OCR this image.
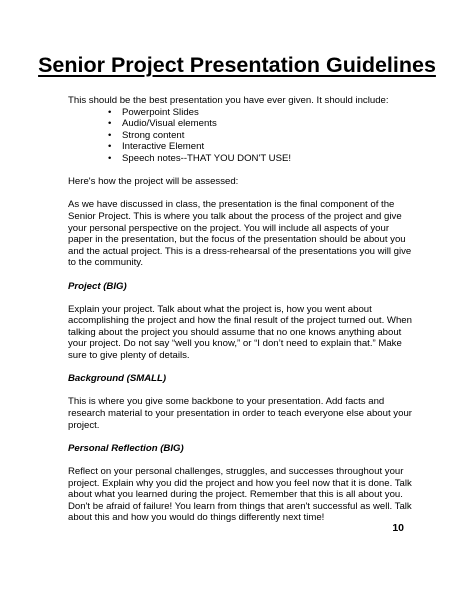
Senior Project Presentation Guidelines

This should be the best presentation you have ever given. It should include:

• Powerpoint Slides
• Audio/Visual elements
• Strong content
• Interactive Element
• Speech notes--THAT YOU DON'T USE!

Here's how the project will be assessed:

As we have discussed in class, the presentation is the final component of the Senior Project. This is where you talk about the process of the project and give your personal perspective on the project. You will include all aspects of your paper in the presentation, but the focus of the presentation should be about you and the actual project. This is a dress-rehearsal of the presentations you will give to the community.

Project (BIG)

Explain your project. Talk about what the project is, how you went about accomplishing the project and how the final result of the project turned out. When talking about the project you should assume that no one knows anything about your project. Do not say “well you know,” or “I don’t need to explain that.” Make sure to give plenty of details.

Background (SMALL)

This is where you give some backbone to your presentation. Add facts and research material to your presentation in order to teach everyone else about your project.

Personal Reflection (BIG)

Reflect on your personal challenges, struggles, and successes throughout your project. Explain why you did the project and how you feel now that it is done. Talk about what you learned during the project. Remember that this is all about you. Don't be afraid of failure! You learn from things that aren't successful as well. Talk about this and how you would do things differently next time!

10
